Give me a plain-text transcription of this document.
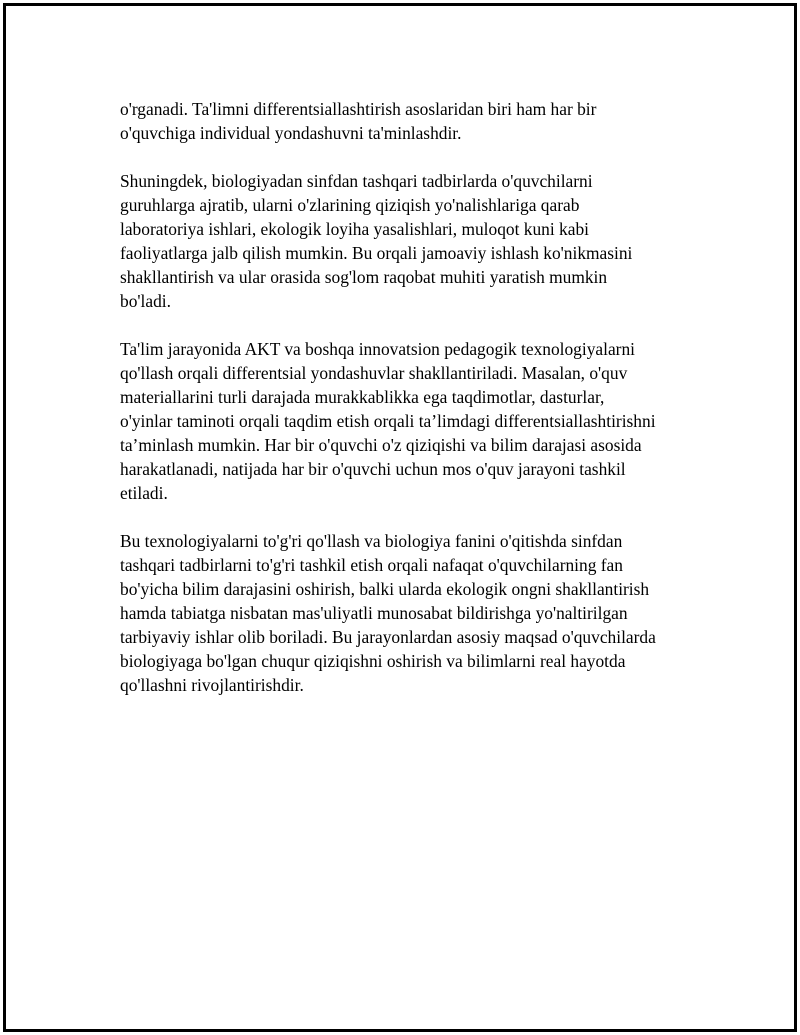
o'rganadi. Ta'limni differentsiallashtirish asoslaridan biri ham har bir
o'quvchiga individual yondashuvni ta'minlashdir.

Shuningdek, biologiyadan sinfdan tashqari tadbirlarda o'quvchilarni
guruhlarga ajratib, ularni o'zlarining qiziqish yo'nalishlariga qarab
laboratoriya ishlari, ekologik loyiha yasalishlari, muloqot kuni kabi
faoliyatlarga jalb qilish mumkin. Bu orqali jamoaviy ishlash ko'nikmasini
shakllantirish va ular orasida sog'lom raqobat muhiti yaratish mumkin
bo'ladi.

Ta'lim jarayonida AKT va boshqa innovatsion pedagogik texnologiyalarni
qo'llash orqali differentsial yondashuvlar shakllantiriladi. Masalan, o'quv
materiallarini turli darajada murakkablikka ega taqdimotlar, dasturlar,
o'yinlar taminoti orqali taqdim etish orqali ta’limdagi differentsiallashtirishni
ta’minlash mumkin. Har bir o'quvchi o'z qiziqishi va bilim darajasi asosida
harakatlanadi, natijada har bir o'quvchi uchun mos o'quv jarayoni tashkil
etiladi.

Bu texnologiyalarni to'g'ri qo'llash va biologiya fanini o'qitishda sinfdan
tashqari tadbirlarni to'g'ri tashkil etish orqali nafaqat o'quvchilarning fan
bo'yicha bilim darajasini oshirish, balki ularda ekologik ongni shakllantirish
hamda tabiatga nisbatan mas'uliyatli munosabat bildirishga yo'naltirilgan
tarbiyaviy ishlar olib boriladi. Bu jarayonlardan asosiy maqsad o'quvchilarda
biologiyaga bo'lgan chuqur qiziqishni oshirish va bilimlarni real hayotda
qo'llashni rivojlantirishdir.
